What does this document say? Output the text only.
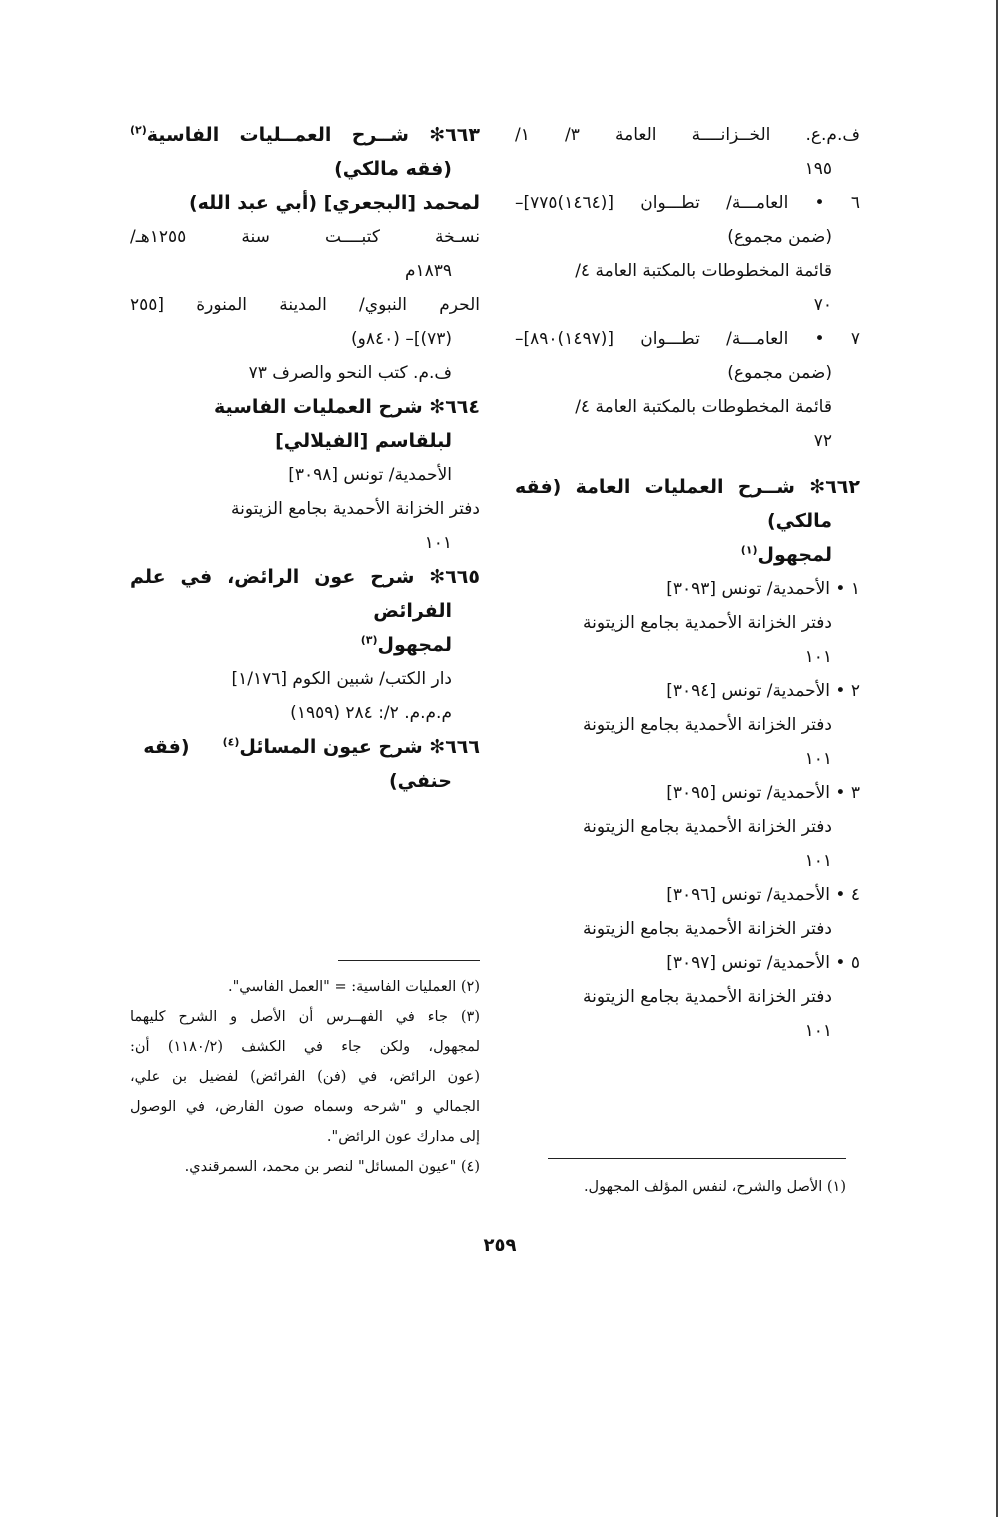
ف.م.ع. الخــزانــــة العامة ٣/ ١/
١٩٥
٦ • العامـــة/ تطـــوان [(١٤٦٤)٧٧٥]–
(ضمن مجموع)
قائمة المخطوطات بالمكتبة العامة ٤/
٧٠
٧ • العامـــة/ تطـــوان [(١٤٩٧)٨٩٠]–
(ضمن مجموع)
قائمة المخطوطات بالمكتبة العامة ٤/
٧٢
٦٦٢✻ شــرح العمليات العامة (فقه
مالكي)
لمجهول$^{(١)}$
١ • الأحمدية/ تونس [٣٠٩٣]
دفتر الخزانة الأحمدية بجامع الزيتونة
١٠١
٢ • الأحمدية/ تونس [٣٠٩٤]
دفتر الخزانة الأحمدية بجامع الزيتونة
١٠١
٣ • الأحمدية/ تونس [٣٠٩٥]
دفتر الخزانة الأحمدية بجامع الزيتونة
١٠١
٤ • الأحمدية/ تونس [٣٠٩٦]
دفتر الخزانة الأحمدية بجامع الزيتونة
٥ • الأحمدية/ تونس [٣٠٩٧]
دفتر الخزانة الأحمدية بجامع الزيتونة
١٠١
٦٦٣✻ شــرح العمــليات الفاسية$^{(٢)}$
(فقه مالكي)
لمحمد [البجعري] (أبي عبد الله)
نسـخة كتبــــت سنة ١٢٥٥هـ/
١٨٣٩م
الحرم النبوي/ المدينة المنورة [٢٥٥
(٧٣)]– (٨٤٠و)
ف.م. كتب النحو والصرف ٧٣
٦٦٤✻ شرح العمليات الفاسية
لبلقاسم [الفيلالي]
الأحمدية/ تونس [٣٠٩٨]
دفتر الخزانة الأحمدية بجامع الزيتونة
١٠١
٦٦٥✻ شرح عون الرائض، في علم
الفرائض
لمجهول$^{(٣)}$
دار الكتب/ شبين الكوم [١/١٧٦]
م.م.م. ٢/: ٢٨٤ (١٩٥٩)
٦٦٦✻ شرح عيون المسائل$^{(٤)}$     (فقه
حنفي)
(٢) العمليات الفاسية: = "العمل الفاسي".
(٣) جاء في الفهــرس أن الأصل و الشرح كليهما
لمجهول، ولكن جاء في الكشف (١١٨٠/٢) أن:
(عون الرائض، في (فن) الفرائض) لفضيل بن علي،
الجمالي و "شرحه وسماه صون الفارض، في الوصول
إلى مدارك عون الرائض".
(٤) "عيون المسائل" لنصر بن محمد، السمرقندي.
(١) الأصل والشرح، لنفس المؤلف المجهول.
٢٥٩
